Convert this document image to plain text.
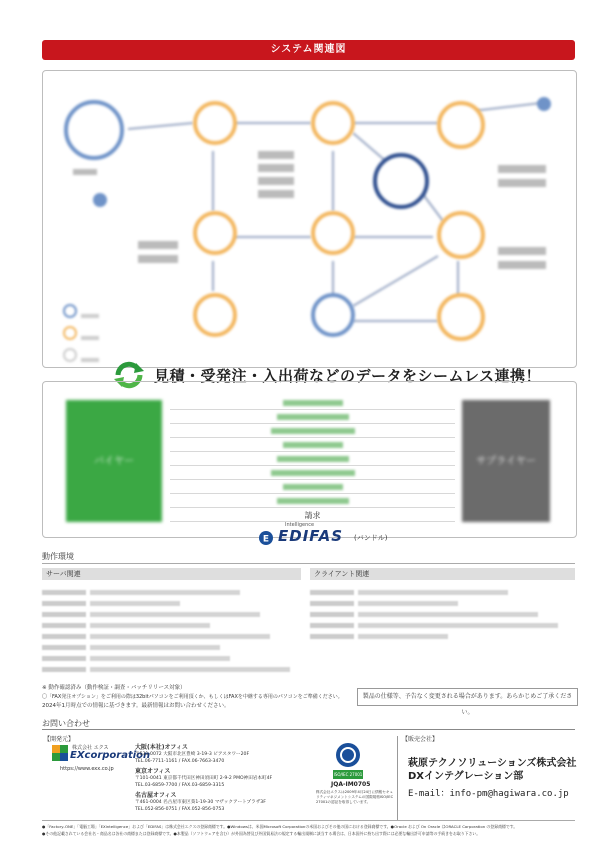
システム関連図

見積・受発注・入出荷などのデータをシームレス連携！
バイヤー	サプライヤー
請求
E
Intelligence
EDIFAS (バンドル)
動作環境
サーバ関連	クライアント関連
※ 動作確認済み（動作検証・調査・バッチリリース対象）
〇「FAX発注オプション」をご利用の際は32bitパソコンをご利用頂くか、もしくはFAXを中継する専用のパソコンをご準備ください。
2024年1月時点での情報に基づきます。最新情報はお問い合わせください。
製品の仕様等、予告なく変更される場合があります。あらかじめご了承ください。
お問い合わせ
【開発元】
株式会社 エクス
EXcorporation
https://www.exx.co.jp
大阪(本社)オフィス
〒531-0072 大阪市北区豊崎 3-19-3 ピアスタワー20F
TEL.06-7711-1161 / FAX.06-7663-3470
東京オフィス
〒101-0041 東京都千代田区神田須田町 2-9-2 PMO神田岩本町4F
TEL.03-6859-7700 / FAX.03-6859-3315
名古屋オフィス
〒461-0004 名古屋市東区葵1-19-30 マザックアートプラザ3F
TEL.052-856-0751 / FAX.052-856-0753
ISO/IEC 27001
JQA-IM0705
株式会社エクスは2009年4月24日に情報セキュリティマネジメントシステムの国際規格ISO/IEC 27001の認証を取得しています。
【販売会社】
萩原テクノソリューションズ株式会社
DXインテグレーション部
E-mail：info-pm@hagiwara.co.jp
●「Factory-ONE」「電脳工場」「EXintelligence」および「EDIFAS」は株式会社エクスの登録商標です。●Windowsは、米国Microsoft Corporationの米国およびその他の国における登録商標です。●Oracle および On Oracle はORACLE Corporation の登録商標です。
●その他記載されている会社名・商品名は各社の商標または登録商標です。●本製品（ソフトウェアを含む）が外国為替及び外国貿易法の規定する輸出規制に該当する場合は、日本国外に持ち出す際には必要な輸出許可申請等の手続きをお取り下さい。
